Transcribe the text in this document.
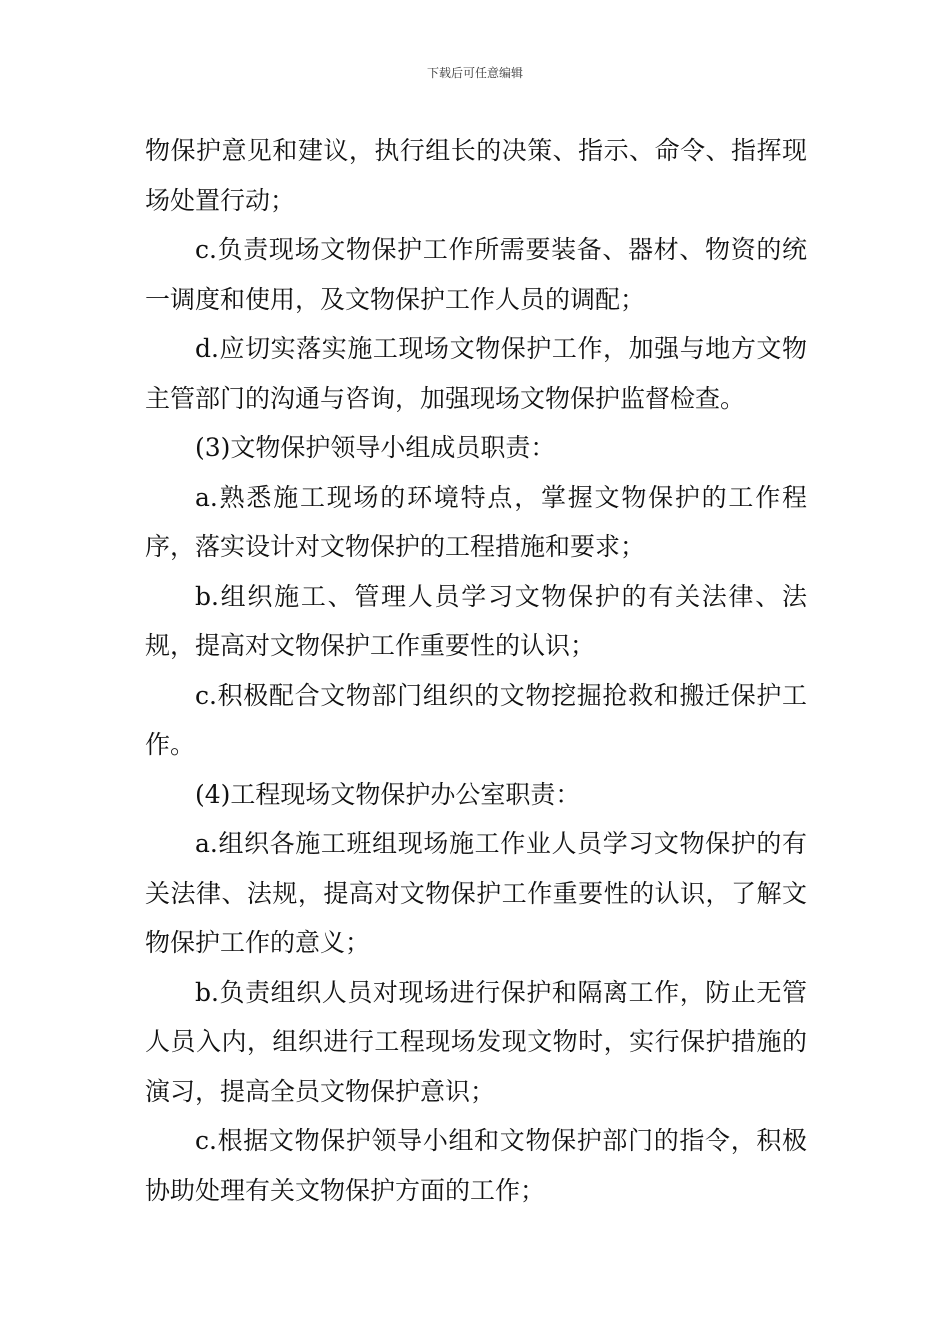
下载后可任意编辑

物保护意见和建议，执行组长的决策、指示、命令、指挥现场处置行动；

c.负责现场文物保护工作所需要装备、器材、物资的统一调度和使用，及文物保护工作人员的调配；

d.应切实落实施工现场文物保护工作，加强与地方文物主管部门的沟通与咨询，加强现场文物保护监督检查。

(3)文物保护领导小组成员职责：

a.熟悉施工现场的环境特点，掌握文物保护的工作程序，落实设计对文物保护的工程措施和要求；

b.组织施工、管理人员学习文物保护的有关法律、法规，提高对文物保护工作重要性的认识；

c.积极配合文物部门组织的文物挖掘抢救和搬迁保护工作。

(4)工程现场文物保护办公室职责：

a.组织各施工班组现场施工作业人员学习文物保护的有关法律、法规，提高对文物保护工作重要性的认识，了解文物保护工作的意义；

b.负责组织人员对现场进行保护和隔离工作，防止无管人员入内，组织进行工程现场发现文物时，实行保护措施的演习，提高全员文物保护意识；

c.根据文物保护领导小组和文物保护部门的指令，积极协助处理有关文物保护方面的工作；
